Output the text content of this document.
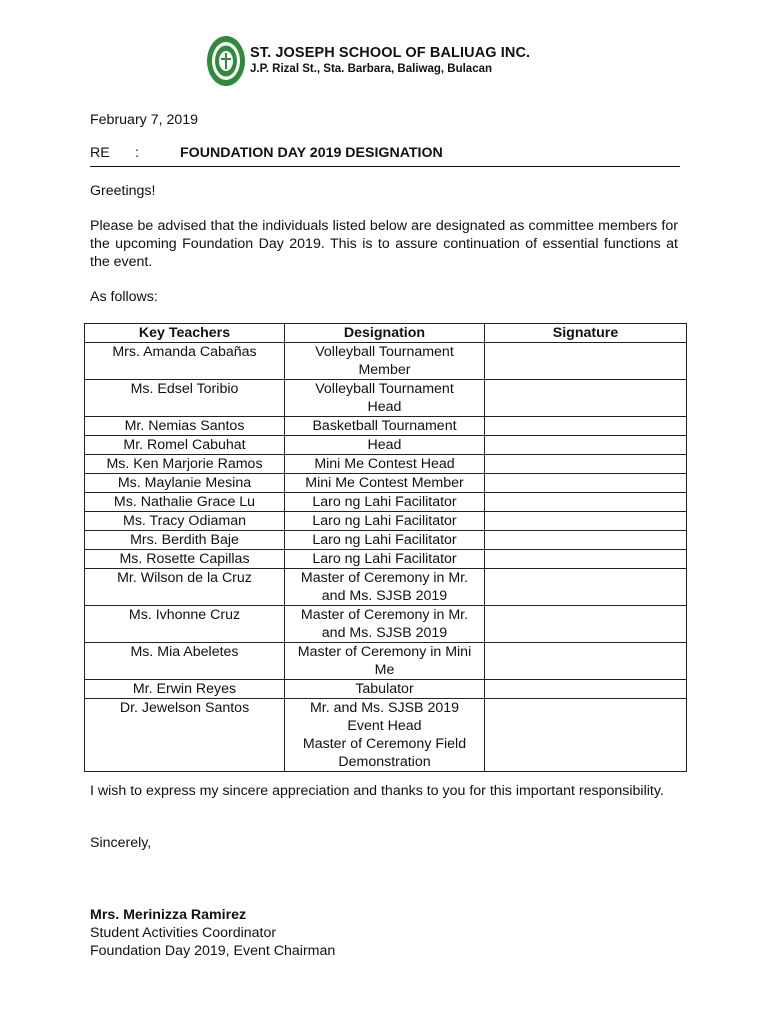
ST. JOSEPH SCHOOL OF BALIUAG INC.
J.P. Rizal St., Sta. Barbara, Baliwag, Bulacan
February 7, 2019
RE :	FOUNDATION DAY 2019 DESIGNATION
Greetings!
Please be advised that the individuals listed below are designated as committee members for the upcoming Foundation Day 2019. This is to assure continuation of essential functions at the event.
As follows:
Key Teachers	Designation	Signature
Mrs. Amanda Cabañas	Volleyball Tournament
Member	

Ms. Edsel Toribio	Volleyball Tournament
Head	

Mr. Nemias Santos	Basketball Tournament	

Mr. Romel Cabuhat	Head	

Ms. Ken Marjorie Ramos	Mini Me Contest Head	

Ms. Maylanie Mesina	Mini Me Contest Member	

Ms. Nathalie Grace Lu	Laro ng Lahi Facilitator	

Ms. Tracy Odiaman	Laro ng Lahi Facilitator	

Mrs. Berdith Baje	Laro ng Lahi Facilitator	

Ms. Rosette Capillas	Laro ng Lahi Facilitator	

Mr. Wilson de la Cruz	Master of Ceremony in Mr.
and Ms. SJSB 2019	

Ms. Ivhonne Cruz	Master of Ceremony in Mr.
and Ms. SJSB 2019	

Ms. Mia Abeletes	Master of Ceremony in Mini
Me	

Mr. Erwin Reyes	Tabulator	

Dr. Jewelson Santos	Mr. and Ms. SJSB 2019
Event Head
Master of Ceremony Field
Demonstration	

I wish to express my sincere appreciation and thanks to you for this important responsibility.
Sincerely,
Mrs. Merinizza Ramirez
Student Activities Coordinator
Foundation Day 2019, Event Chairman
